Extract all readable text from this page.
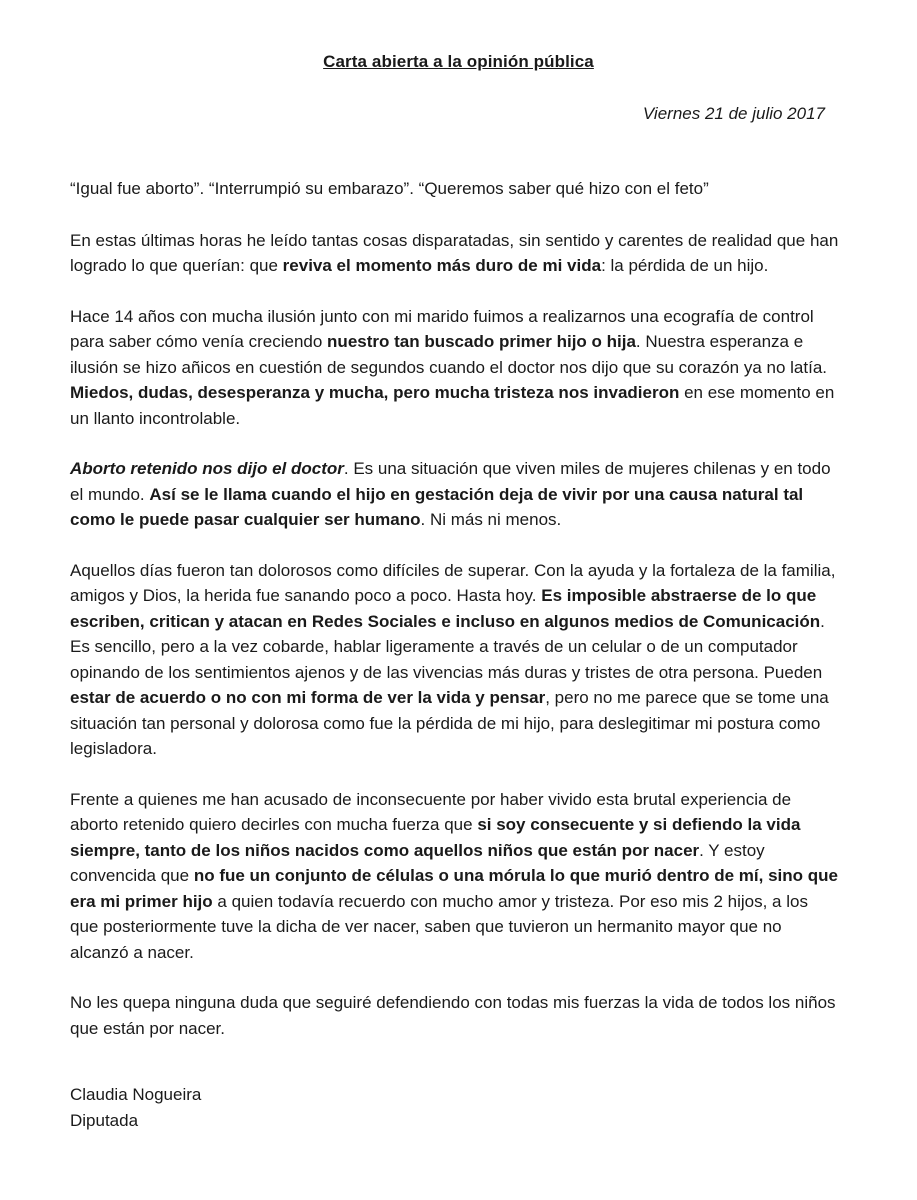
Carta abierta a la opinión pública
Viernes 21 de julio 2017

“Igual fue aborto”. “Interrumpió su embarazo”. “Queremos saber qué hizo con el feto”

En estas últimas horas he leído tantas cosas disparatadas, sin sentido y carentes de realidad que han logrado lo que querían: que reviva el momento más duro de mi vida: la pérdida de un hijo.

Hace 14 años con mucha ilusión junto con mi marido fuimos a realizarnos una ecografía de control para saber cómo venía creciendo nuestro tan buscado primer hijo o hija. Nuestra esperanza e ilusión se hizo añicos en cuestión de segundos cuando el doctor nos dijo que su corazón ya no latía. Miedos, dudas, desesperanza y mucha, pero mucha tristeza nos invadieron en ese momento en un llanto incontrolable.

Aborto retenido nos dijo el doctor. Es una situación que viven miles de mujeres chilenas y en todo el mundo. Así se le llama cuando el hijo en gestación deja de vivir por una causa natural tal como le puede pasar cualquier ser humano. Ni más ni menos.

Aquellos días fueron tan dolorosos como difíciles de superar. Con la ayuda y la fortaleza de la familia, amigos y Dios, la herida fue sanando poco a poco. Hasta hoy. Es imposible abstraerse de lo que escriben, critican y atacan en Redes Sociales e incluso en algunos medios de Comunicación. Es sencillo, pero a la vez cobarde, hablar ligeramente a través de un celular o de un computador opinando de los sentimientos ajenos y de las vivencias más duras y tristes de otra persona. Pueden estar de acuerdo o no con mi forma de ver la vida y pensar, pero no me parece que se tome una situación tan personal y dolorosa como fue la pérdida de mi hijo, para deslegitimar mi postura como legisladora.

Frente a quienes me han acusado de inconsecuente por haber vivido esta brutal experiencia de aborto retenido quiero decirles con mucha fuerza que si soy consecuente y si defiendo la vida siempre, tanto de los niños nacidos como aquellos niños que están por nacer. Y estoy convencida que no fue un conjunto de células o una mórula lo que murió dentro de mí, sino que era mi primer hijo a quien todavía recuerdo con mucho amor y tristeza. Por eso mis 2 hijos, a los que posteriormente tuve la dicha de ver nacer, saben que tuvieron un hermanito mayor que no alcanzó a nacer.

No les quepa ninguna duda que seguiré defendiendo con todas mis fuerzas la vida de todos los niños que están por nacer.

Claudia Nogueira
Diputada
